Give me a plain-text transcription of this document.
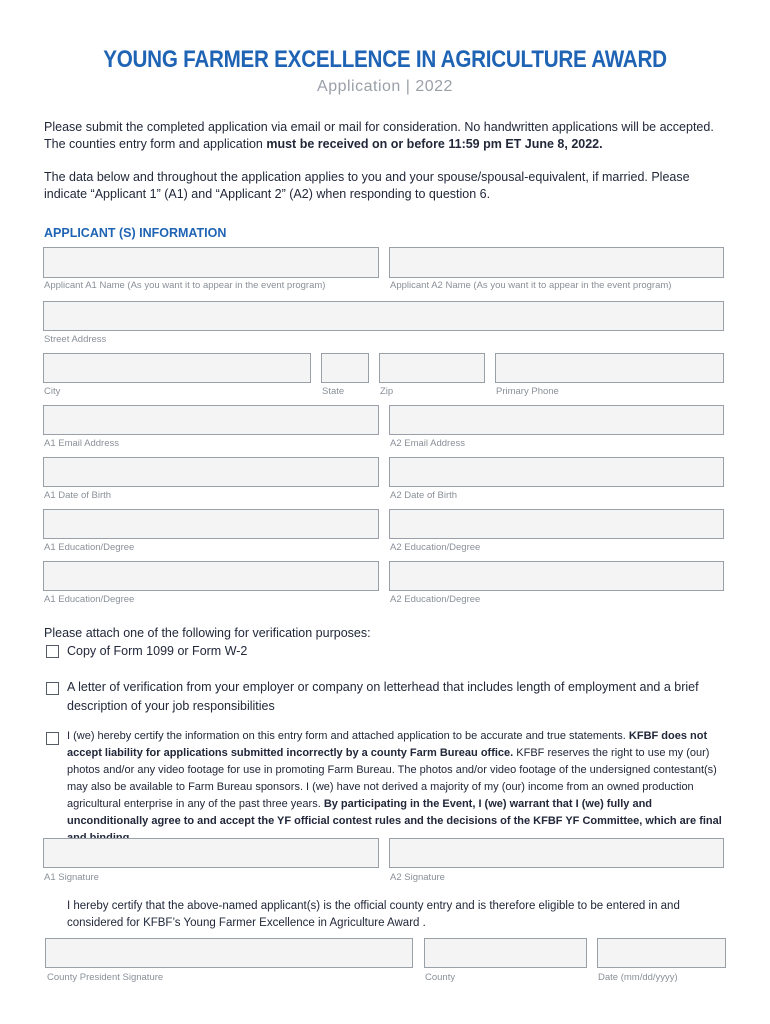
YOUNG FARMER EXCELLENCE IN AGRICULTURE AWARD
Application | 2022
Please submit the completed application via email or mail for consideration. No handwritten applications will be accepted. The counties entry form and application must be received on or before 11:59 pm ET June 8, 2022.
The data below and throughout the application applies to you and your spouse/spousal-equivalent, if married. Please indicate “Applicant 1” (A1) and “Applicant 2” (A2) when responding to question 6.
APPLICANT (S) INFORMATION
Applicant A1 Name (As you want it to appear in the event program)	Applicant A2 Name (As you want it to appear in the event program)
Street Address
City	State	Zip	Primary Phone
A1 Email Address	A2 Email Address
A1 Date of Birth	A2 Date of Birth
A1 Education/Degree	A2 Education/Degree
A1 Education/Degree	A2 Education/Degree
Please attach one of the following for verification purposes:
Copy of Form 1099 or Form W-2
A letter of verification from your employer or company on letterhead that includes length of employment and a brief description of your job responsibilities
I (we) hereby certify the information on this entry form and attached application to be accurate and true statements. KFBF does not accept liability for applications submitted incorrectly by a county Farm Bureau office. KFBF reserves the right to use my (our) photos and/or any video footage for use in promoting Farm Bureau. The photos and/or video footage of the undersigned contestant(s) may also be available to Farm Bureau sponsors. I (we) have not derived a majority of my (our) income from an owned production agricultural enterprise in any of the past three years. By participating in the Event, I (we) warrant that I (we) fully and unconditionally agree to and accept the YF official contest rules and the decisions of the KFBF YF Committee, which are final
A1 Signature	A2 Signature
I hereby certify that the above-named applicant(s) is the official county entry and is therefore eligible to be entered in and considered for KFBF’s Young Farmer Excellence in Agriculture Award .
County President Signature	County	Date (mm/dd/yyyy)
